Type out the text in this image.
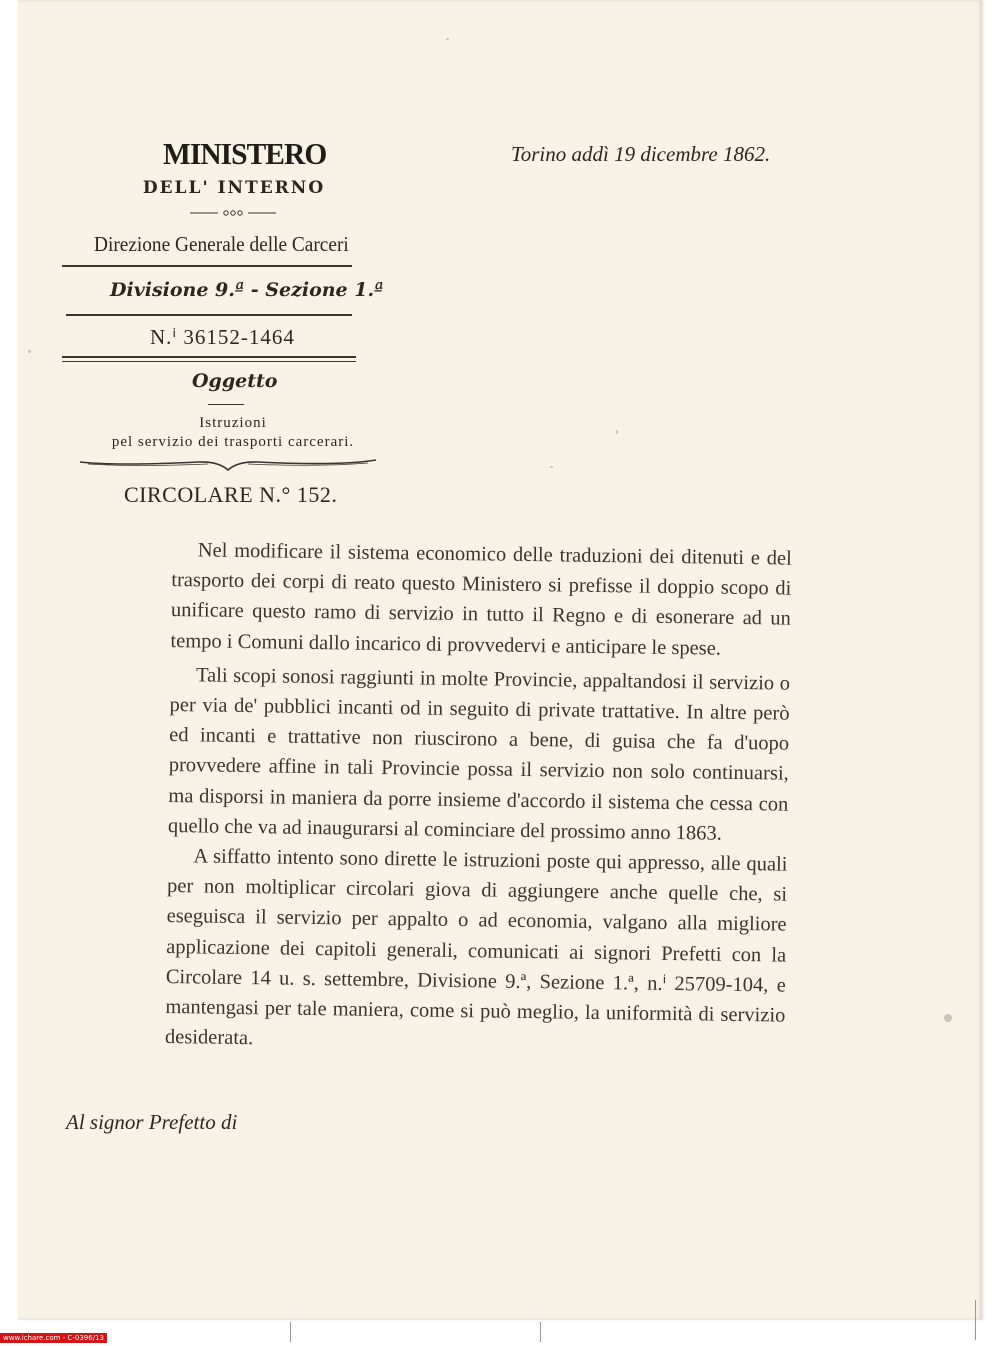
MINISTERO
DELL' INTERNO
Direzione Generale delle Carceri
Divisione 9.ª - Sezione 1.ª
N.ⁱ 36152-1464
Oggetto
Istruzioni
pel servizio dei trasporti carcerari.
CIRCOLARE N.° 152.
Torino addì 19 dicembre 1862.

Nel modificare il sistema economico delle traduzioni dei ditenuti e del trasporto dei corpi di reato questo Ministero si prefisse il doppio scopo di unificare questo ramo di servizio in tutto il Regno e di esonerare ad un tempo i Comuni dallo incarico di provvedervi e anticipare le spese.

Tali scopi sonosi raggiunti in molte Provincie, appaltandosi il servizio o per via de' pubblici incanti od in seguito di private trattative. In altre però ed incanti e trattative non riuscirono a bene, di guisa che fa d'uopo provvedere affine in tali Provincie possa il servizio non solo continuarsi, ma disporsi in maniera da porre insieme d'accordo il sistema che cessa con quello che va ad inaugurarsi al cominciare del prossimo anno 1863.

A siffatto intento sono dirette le istruzioni poste qui appresso, alle quali per non moltiplicar circolari giova di aggiungere anche quelle che, si eseguisca il servizio per appalto o ad economia, valgano alla migliore applicazione dei capitoli generali, comunicati ai signori Prefetti con la Circolare 14 u. s. settembre, Divisione 9.ª, Sezione 1.ª, n.ⁱ 25709-104, e mantengasi per tale maniera, come si può meglio, la uniformità di servizio desiderata.

Al signor Prefetto di
www.ichare.com - C-0396/13
